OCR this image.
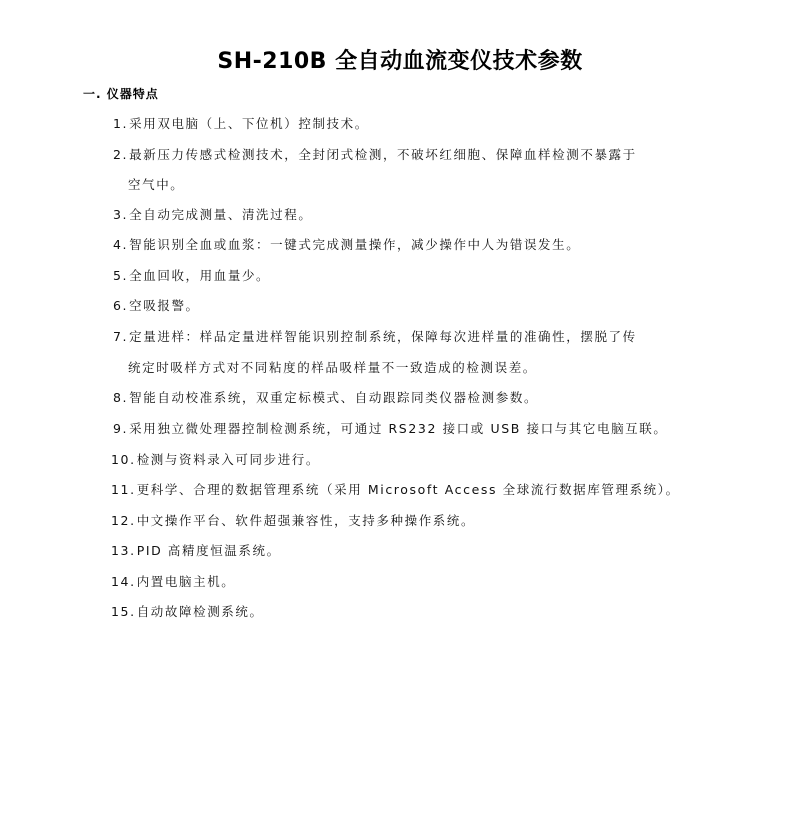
SH-210B 全自动血流变仪技术参数
一. 仪器特点
1.采用双电脑（上、下位机）控制技术。
2.最新压力传感式检测技术，全封闭式检测，不破坏红细胞、保障血样检测不暴露于
空气中。
3.全自动完成测量、清洗过程。
4.智能识别全血或血浆：一键式完成测量操作，减少操作中人为错误发生。
5.全血回收，用血量少。
6.空吸报警。
7.定量进样：样品定量进样智能识别控制系统，保障每次进样量的准确性，摆脱了传
统定时吸样方式对不同粘度的样品吸样量不一致造成的检测误差。
8.智能自动校准系统，双重定标模式、自动跟踪同类仪器检测参数。
9.采用独立微处理器控制检测系统，可通过 RS232 接口或 USB 接口与其它电脑互联。
10.检测与资料录入可同步进行。
11.更科学、合理的数据管理系统（采用 Microsoft Access 全球流行数据库管理系统）。
12.中文操作平台、软件超强兼容性，支持多种操作系统。
13.PID 高精度恒温系统。
14.内置电脑主机。
15.自动故障检测系统。
